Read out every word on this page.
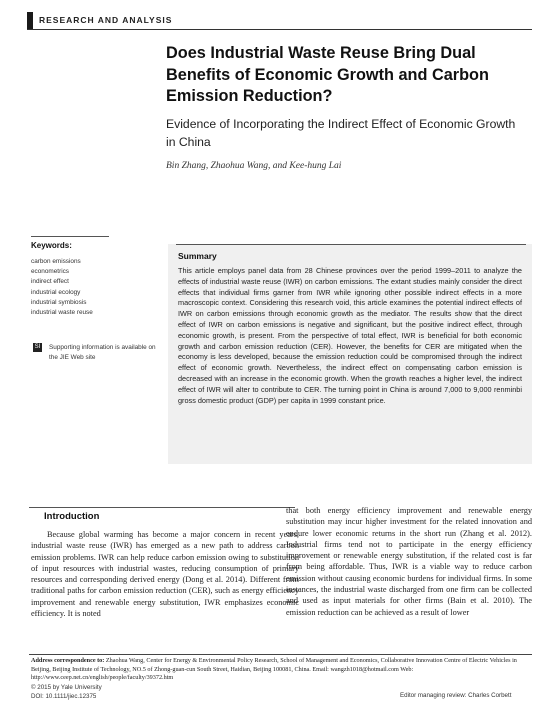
RESEARCH AND ANALYSIS
Does Industrial Waste Reuse Bring Dual Benefits of Economic Growth and Carbon Emission Reduction?
Evidence of Incorporating the Indirect Effect of Economic Growth in China
Bin Zhang, Zhaohua Wang, and Kee-hung Lai
Keywords:
carbon emissions
econometrics
indirect effect
industrial ecology
industrial symbiosis
industrial waste reuse
SI Supporting information is available on the JIE Web site
Summary

This article employs panel data from 28 Chinese provinces over the period 1999–2011 to analyze the effects of industrial waste reuse (IWR) on carbon emissions. The extant studies mainly consider the direct effects that individual firms garner from IWR while ignoring other possible indirect effects in a more macroscopic context. Considering this research void, this article examines the potential indirect effects of IWR on carbon emissions through economic growth as the mediator. The results show that the direct effect of IWR on carbon emissions is negative and significant, but the positive indirect effect, through economic growth, is present. From the perspective of total effect, IWR is beneficial for both economic growth and carbon emission reduction (CER). However, the benefits for CER are mitigated when the economy is less developed, because the emission reduction could be compromised through the indirect effect of economic growth. Nevertheless, the indirect effect on compensating carbon emission is decreased with an increase in the economic growth. When the growth reaches a higher level, the indirect effect of IWR will alter to contribute to CER. The turning point in China is around 7,000 to 9,000 renminbi gross domestic product (GDP) per capita in 1999 constant price.

Introduction

Because global warming has become a major concern in recent years, industrial waste reuse (IWR) has emerged as a new path to address carbon emission problems. IWR can help reduce carbon emission owing to substitution of input resources with industrial wastes, reducing consumption of primary resources and corresponding derived energy (Dong et al. 2014). Different from traditional paths for carbon emission reduction (CER), such as energy efficiency improvement and renewable energy substitution, IWR emphasizes economic efficiency. It is noted

that both energy efficiency improvement and renewable energy substitution may incur higher investment for the related innovation and endure lower economic returns in the short run (Zhang et al. 2012). Industrial firms tend not to participate in the energy efficiency improvement or renewable energy substitution, if the related cost is far from being affordable. Thus, IWR is a viable way to reduce carbon emission without causing economic burdens for individual firms. In some instances, the industrial waste discharged from one firm can be collected and used as input materials for other firms (Bain et al. 2010). The emission reduction can be achieved as a result of lower

Address correspondence to: Zhaohua Wang, Center for Energy & Environmental Policy Research, School of Management and Economics, Collaborative Innovation Centre of Electric Vehicles in Beijing, Beijing Institute of Technology, NO.5 of Zhong-guan-cun South Street, Haidian, Beijing 100081, China. Email: wangzh1018@hotmail.com Web: http://www.ceep.net.cn/english/people/faculty/39372.htm

© 2015 by Yale University
DOI: 10.1111/jiec.12375	Editor managing review: Charles Corbett
